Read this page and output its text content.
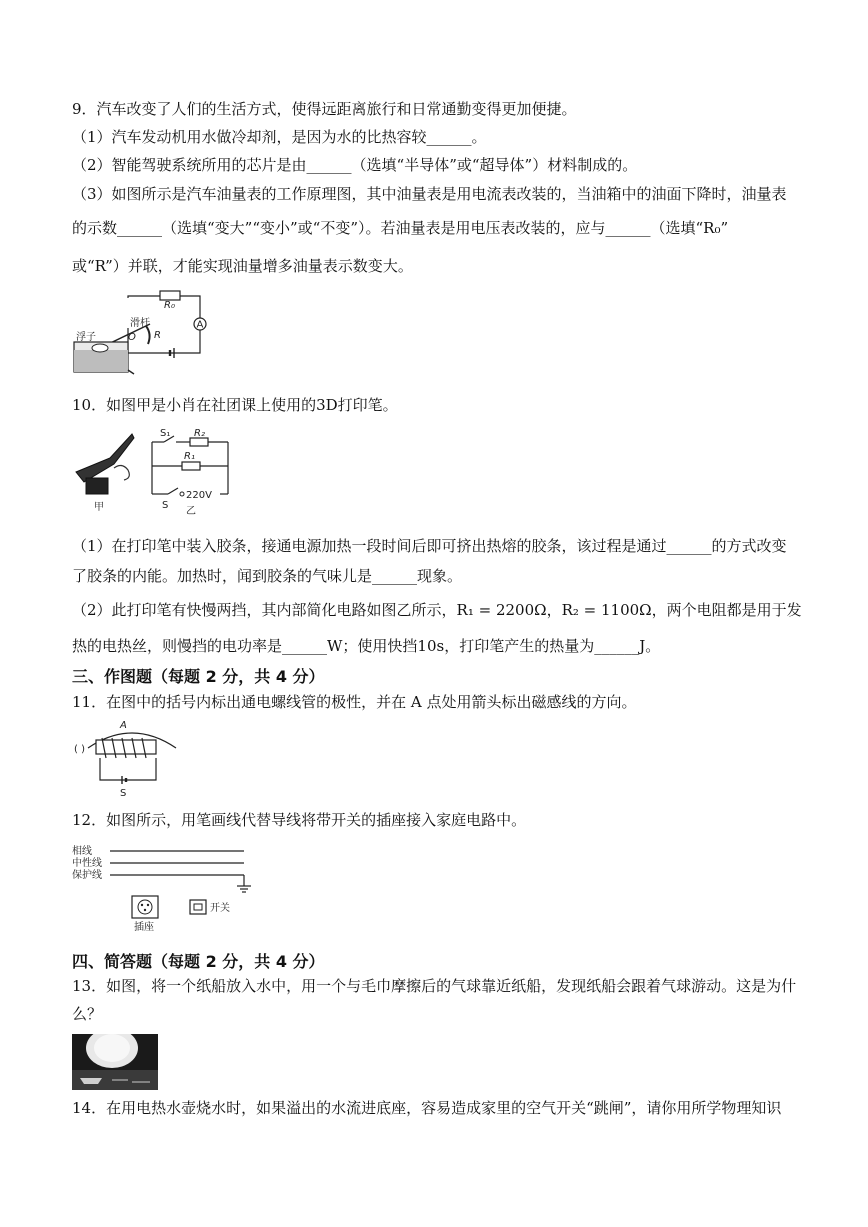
9．汽车改变了人们的生活方式，使得远距离旅行和日常通勤变得更加便捷。
（1）汽车发动机用水做冷却剂，是因为水的比热容较______。
（2）智能驾驶系统所用的芯片是由______（选填“半导体”或“超导体”）材料制成的。
（3）如图所示是汽车油量表的工作原理图，其中油量表是用电流表改装的，当油箱中的油面下降时，油量表
的示数______（选填“变大”“变小”或“不变”）。若油量表是用电压表改装的，应与______（选填“R₀”
或“R”）并联，才能实现油量增多油量表示数变大。
R₀
A
R
滑杆
O
浮子
10．如图甲是小肖在社团课上使用的3D打印笔。
甲
S₁ R₂
R₁
220V
S
乙
（1）在打印笔中装入胶条，接通电源加热一段时间后即可挤出热熔的胶条，该过程是通过______的方式改变
了胶条的内能。加热时，闻到胶条的气味儿是______现象。
（2）此打印笔有快慢两挡，其内部简化电路如图乙所示，R₁ = 2200Ω，R₂ = 1100Ω，两个电阻都是用于发
热的电热丝，则慢挡的电功率是______W；使用快挡10s，打印笔产生的热量为______J。
三、作图题（每题 2 分，共 4 分）
11．在图中的括号内标出通电螺线管的极性，并在 A 点处用箭头标出磁感线的方向。
A
( )
S
12．如图所示，用笔画线代替导线将带开关的插座接入家庭电路中。
相线
中性线
保护线
插座
开关
四、简答题（每题 2 分，共 4 分）
13．如图，将一个纸船放入水中，用一个与毛巾摩擦后的气球靠近纸船，发现纸船会跟着气球游动。这是为什
么？
14．在用电热水壶烧水时，如果溢出的水流进底座，容易造成家里的空气开关“跳闸”，请你用所学物理知识
